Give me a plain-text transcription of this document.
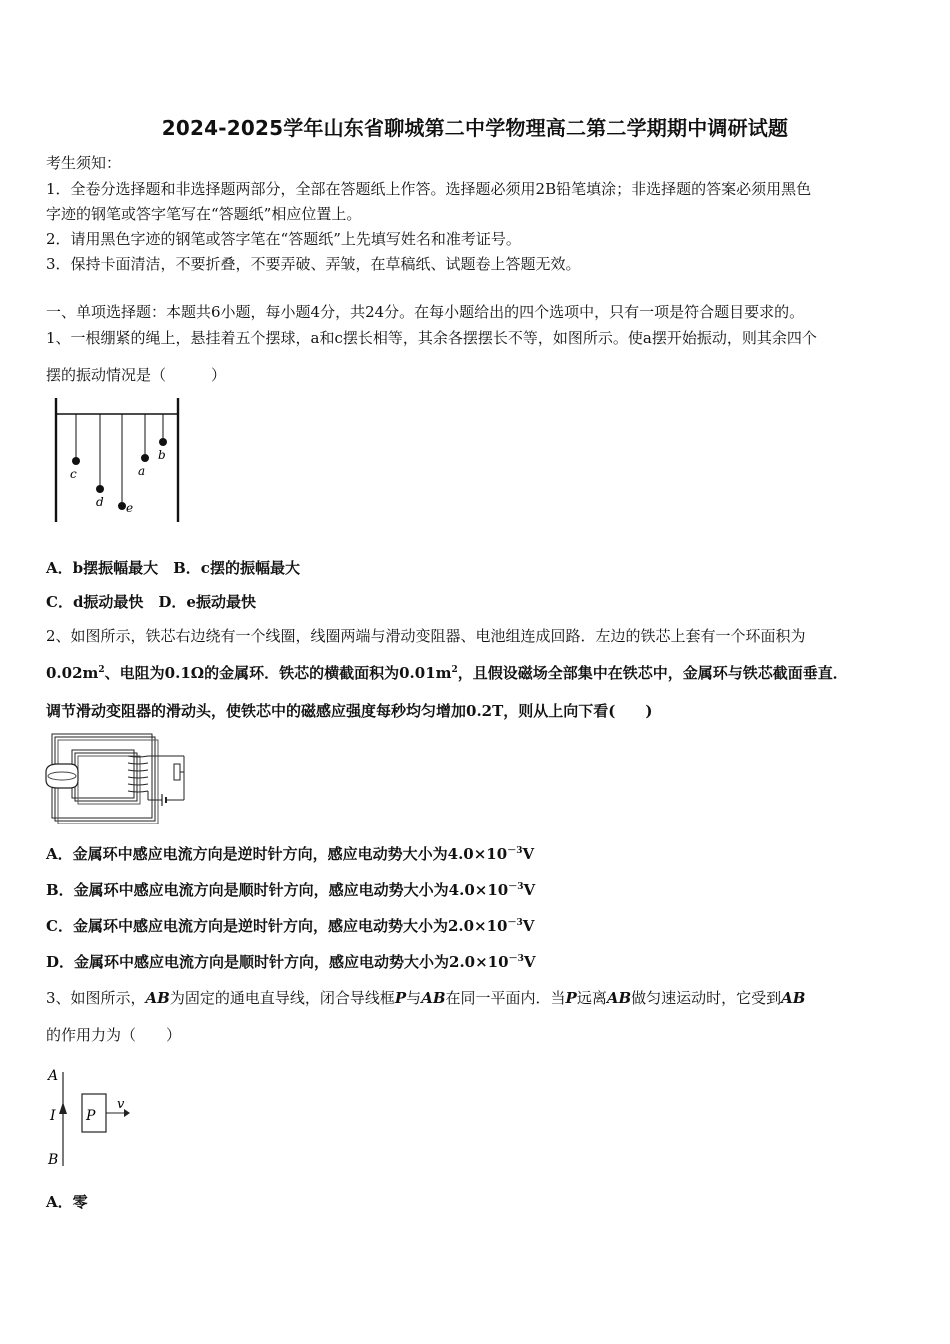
2024-2025学年山东省聊城第二中学物理高二第二学期期中调研试题
考生须知：
1．全卷分选择题和非选择题两部分，全部在答题纸上作答。选择题必须用2B铅笔填涂；非选择题的答案必须用黑色
字迹的钢笔或答字笔写在“答题纸”相应位置上。
2．请用黑色字迹的钢笔或答字笔在“答题纸”上先填写姓名和准考证号。
3．保持卡面清洁，不要折叠，不要弄破、弄皱，在草稿纸、试题卷上答题无效。
一、单项选择题：本题共6小题，每小题4分，共24分。在每小题给出的四个选项中，只有一项是符合题目要求的。
1、一根绷紧的绳上，悬挂着五个摆球，a和c摆长相等，其余各摆摆长不等，如图所示。使a摆开始振动，则其余四个
摆的振动情况是（　　　）
c
d e
a
b
A．b摆振幅最大　B．c摆的振幅最大
C．d振动最快　D．e振动最快
2、如图所示，铁芯右边绕有一个线圈，线圈两端与滑动变阻器、电池组连成回路．左边的铁芯上套有一个环面积为
$0.02m^2$、电阻为0.1Ω的金属环．铁芯的横截面积为$0.01m^2$，且假设磁场全部集中在铁芯中，金属环与铁芯截面垂直．
调节滑动变阻器的滑动头，使铁芯中的磁感应强度每秒均匀增加0.2T，则从上向下看(　　)
A．金属环中感应电流方向是逆时针方向，感应电动势大小为$4.0\times 10^{-3}V$
B．金属环中感应电流方向是顺时针方向，感应电动势大小为$4.0\times 10^{-3}V$
C．金属环中感应电流方向是逆时针方向，感应电动势大小为$2.0\times 10^{-3}V$
D．金属环中感应电流方向是顺时针方向，感应电动势大小为$2.0\times 10^{-3}V$
3、如图所示，AB为固定的通电直导线，闭合导线框P与AB在同一平面内．当P远离AB做匀速运动时，它受到AB
的作用力为（　　）
A
I
B
P
v
A．零
